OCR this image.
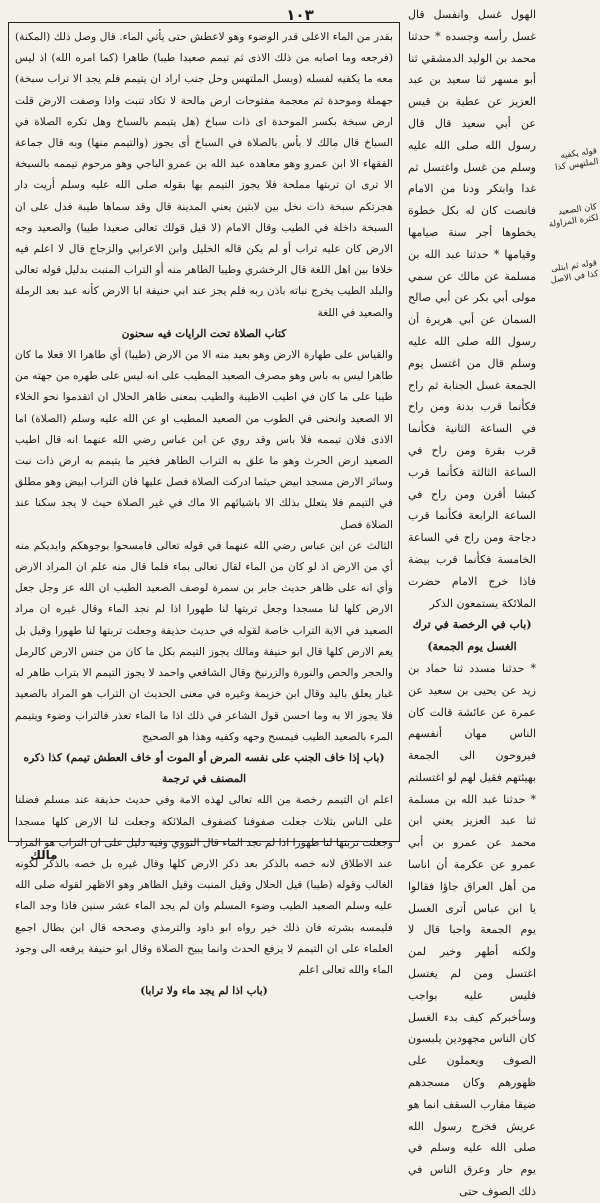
١٠٣	الهول غسل وانفسل قال غسل رأسه وجسده * حدثنا محمد بن الوليد الدمشقي ثنا أبو مسهر ثنا سعيد بن عبد العزيز عن عطية بن قيس عن أبي سعيد قال قال رسول الله صلى الله عليه وسلم من غسل واغتسل ثم غدا وابتكر ودنا من الامام فانصت كان له بكل خطوة يخطوها أجر سنة صيامها وقيامها * حدثنا عبد الله بن مسلمة عن مالك عن سمي مولى أبي بكر عن أبي صالح السمان عن أبي هريرة أن رسول الله صلى الله عليه وسلم قال من اغتسل يوم الجمعة غسل الجنابة ثم راح فكأنما قرب بدنة ومن راح في الساعة الثانية فكأنما قرب بقرة ومن راح في الساعة الثالثة فكأنما قرب كبشا أقرن ومن راح في الساعة الرابعة فكأنما قرب دجاجة ومن راح في الساعة الخامسة فكأنما قرب بيضة فاذا خرج الامام حضرت الملائكة يستمعون الذكر
(باب في الرخصة في ترك الغسل يوم الجمعة)
* حدثنا مسدد ثنا حماد بن زيد عن يحيى بن سعيد عن عمرة عن عائشة قالت كان الناس مهان أنفسهم فيروحون الى الجمعة بهيئتهم فقيل لهم لو اغتسلتم * حدثنا عبد الله بن مسلمة ثنا عبد العزيز يعني ابن محمد عن عمرو بن أبي عمرو عن عكرمة أن اناسا من أهل العراق جاؤا فقالوا يا ابن عباس أترى الغسل يوم الجمعة واجبا قال لا ولكنه أطهر وخير لمن اغتسل ومن لم يغتسل فليس عليه بواجب وسأخبركم كيف بدء الغسل كان الناس مجهودين يلبسون الصوف ويعملون على ظهورهم وكان مسجدهم ضيقا مقارب السقف انما هو عريش فخرج رسول الله صلى الله عليه وسلم في يوم حار وعرق الناس في ذلك الصوف حتى
قوله يكفيه الملتهس كذا
كان الصعيد لكثرة المزاولة
قوله ثم ابتلى كذا في الاصل

بقدر من الماء الاعلى قدر الوضوء وهو لاعطش حتى يأتي الماء. قال وصل ذلك (المكنة) (فرجعه وما اصابه من ذلك الاذى ثم تيمم صعيدا طيبا) طاهرا (كما امره الله) اذ ليس معه ما يكفيه لفسله (وبسل الملتهس وحل جنب اراد ان يتيمم فلم يجد الا تراب سبخة) جهملة وموحدة ثم معجمة مفتوحات ارض مالحة لا تكاد تنبت واذا وصفت الارض قلت ارض سبخة بكسر الموحدة اى ذات سباخ (هل يتيمم بالسباخ وهل تكره الصلاة في السباخ قال مالك لا بأس بالصلاة في السباخ أى يجوز (والتيمم منها) وبه قال جماعة الفقهاء الا ابن عمرو وهو معاهده عبد الله بن عمرو الباجي وهو مرحوم تيممه بالسبخة الا ترى ان تربتها مملحة فلا يجوز التيمم بها بقوله صلى الله عليه وسلم أريت دار هجرتكم سبخة ذات نخل بين لابتين يعني المدينة قال وقد سماها طيبة فدل على ان السبخة داخلة في الطيب وقال الامام (لا قيل قولك تعالى صعيدا طيبا) والصعيد وجه الارض كان عليه تراب أو لم يكن قاله الخليل وابن الاعرابي والزجاج قال لا اعلم فيه خلافا بين اهل اللغة قال الرخشري وطيبا الطاهر منه أو التراب المنبت بدليل قوله تعالى والبلد الطيب يخرج نباته باذن ربه فلم يجز عند ابي حنيفة ابا الارض كأنه عبد بعد الرملة والصعيد في اللغة

كتاب الصلاة تحت الرايات فيه سحنون

والقياس على طهارة الارض وهو بعيد منه الا من الارض (طيبا) أي طاهرا الا فعلا ما كان طاهرا ليس به باس وهو مصرف الصعيد المطيب على انه ليس على طهره من جهته من طيبا على ما كان في اطيب الاطيبة والطيب بمعنى طاهر الحلال ان اتقدموا نحو الخلاء الا الصعيد وانحنى في الطوب من الصعيد المطيب او عن الله عليه وسلم (الصلاة) اما الاذى فلان تيممه فلا باس وقد روي عن ابن عباس رضي الله عنهما انه قال اطيب الصعيد ارض الحرث وهو ما علق به التراب الطاهر فخير ما يتيمم به ارض ذات نبت وسائر الارض مسجد ابيض حيثما ادركت الصلاة فصل عليها فان التراب ابيض وهو مطلق في التيمم فلا يتعلل بذلك الا باشيائهم الا ماك في غير الصلاة حيث لا يجد سكنا عند الصلاة فصل

الثالث عن ابن عباس رضي الله عنهما في قوله تعالى فامسحوا بوجوهكم وايديكم منه أي من الارض اذ لو كان من الماء لقال تعالى بماء فلما قال منه علم ان المراد الارض وأي انه على ظاهر حديث جابر بن سمرة لوصف الصعيد الطيب ان الله عز وجل جعل الارض كلها لنا مسجدا وجعل تربتها لنا طهورا اذا لم نجد الماء وقال غيره ان مراد الصعيد في الاية التراب خاصة لقوله في حديث حذيفة وجعلت تربتها لنا طهورا وقيل بل يعم الارض كلها قال ابو حنيفة ومالك يجوز التيمم بكل ما كان من جنس الارض كالرمل والحجر والحص والنورة والزرنيخ وقال الشافعي واحمد لا يجوز التيمم الا بتراب طاهر له غبار يعلق باليد وقال ابن خزيمة وغيره في معنى الحديث ان التراب هو المراد بالصعيد فلا يجوز الا به وما احسن قول الشاعر في ذلك اذا ما الماء تعذر فالتراب وضوء ويتيمم المرء بالصعيد الطيب فيمسح وجهه وكفيه وهذا هو الصحيح

(باب إذا خاف الجنب على نفسه المرض أو الموت أو خاف العطش تيمم) كذا ذكره المصنف في ترجمة

اعلم ان التيمم رخصة من الله تعالى لهذه الامة وفي حديث حذيفة عند مسلم فضلنا على الناس بثلاث جعلت صفوفنا كصفوف الملائكة وجعلت لنا الارض كلها مسجدا وجعلت تربتها لنا طهورا اذا لم نجد الماء قال النووي وفيه دليل على ان التراب هو المراد عند الاطلاق لانه خصه بالذكر بعد ذكر الارض كلها وقال غيره بل خصه بالذكر لكونه الغالب وقوله (طيبا) قيل الحلال وقيل المنبت وقيل الطاهر وهو الاظهر لقوله صلى الله عليه وسلم الصعيد الطيب وضوء المسلم وان لم يجد الماء عشر سنين فاذا وجد الماء فليمسه بشرته فان ذلك خير رواه ابو داود والترمذي وصححه قال ابن بطال اجمع العلماء على ان التيمم لا يرفع الحدث وانما يبيح الصلاة وقال ابو حنيفة يرفعه الى وجود الماء والله تعالى اعلم

(باب اذا لم يجد ماء ولا ترابا)
مالك
